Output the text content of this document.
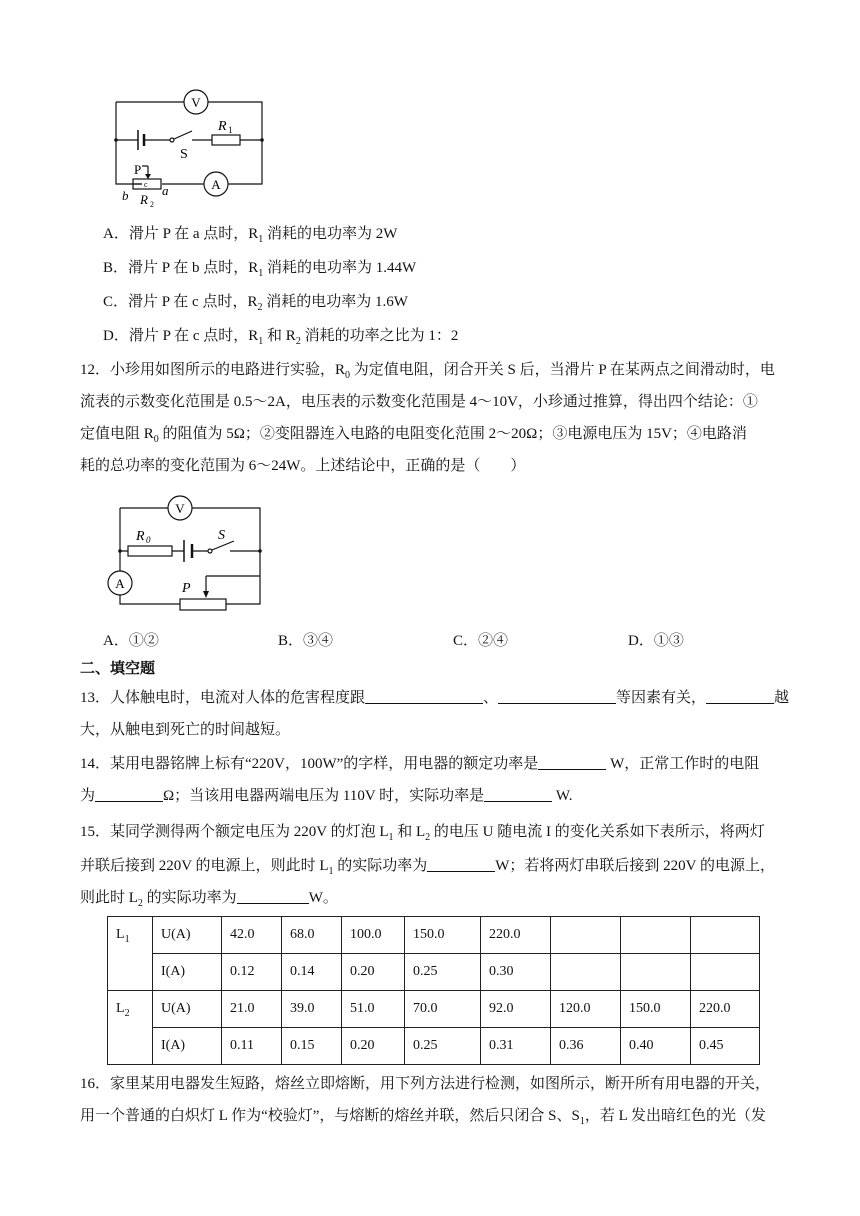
V
A
S
R 1
P
c
b	a
R 2
A．滑片 P 在 a 点时，$R_1$ 消耗的电功率为 2W
B．滑片 P 在 b 点时，$R_1$ 消耗的电功率为 1.44W
C．滑片 P 在 c 点时，$R_2$ 消耗的电功率为 1.6W
D．滑片 P 在 c 点时，$R_1$ 和 $R_2$ 消耗的功率之比为 1：2
12．小珍用如图所示的电路进行实验，$R_0$ 为定值电阻，闭合开关 S 后，当滑片 P 在某两点之间滑动时，电
流表的示数变化范围是 0.5～2A，电压表的示数变化范围是 4～10V，小珍通过推算，得出四个结论：①
定值电阻 $R_0$ 的阻值为 5Ω；②变阻器连入电路的电阻变化范围 2～20Ω；③电源电压为 15V；④电路消
耗的总功率的变化范围为 6～24W。上述结论中，正确的是（　　）
V
A
S
R 0
P
A．①②	B．③④	C．②④	D．①③
二、填空题
13．人体触电时，电流对人体的危害程度跟	、	等因素有关，	越
大，从触电到死亡的时间越短。
14．某用电器铭牌上标有“220V，100W”的字样，用电器的额定功率是	W，正常工作时的电阻
为	Ω；当该用电器两端电压为 110V 时，实际功率是	W.
15．某同学测得两个额定电压为 220V 的灯泡 $L_1$ 和 $L_2$ 的电压 U 随电流 I 的变化关系如下表所示，将两灯
并联后接到 220V 的电源上，则此时 $L_1$ 的实际功率为	W；若将两灯串联后接到 220V 的电源上，
则此时 $L_2$ 的实际功率为	W。
$L_1$	U(A)	42.0	68.0	100.0	150.0	220.0			
	I(A)	0.12	0.14	0.20	0.25	0.30			
$L_2$	U(A)	21.0	39.0	51.0	70.0	92.0	120.0	150.0	220.0
	I(A)	0.11	0.15	0.20	0.25	0.31	0.36	0.40	0.45
16．家里某用电器发生短路，熔丝立即熔断，用下列方法进行检测，如图所示，断开所有用电器的开关，
用一个普通的白炽灯 L 作为“校验灯”，与熔断的熔丝并联，然后只闭合 S、$S_1$，若 L 发出暗红色的光（发
